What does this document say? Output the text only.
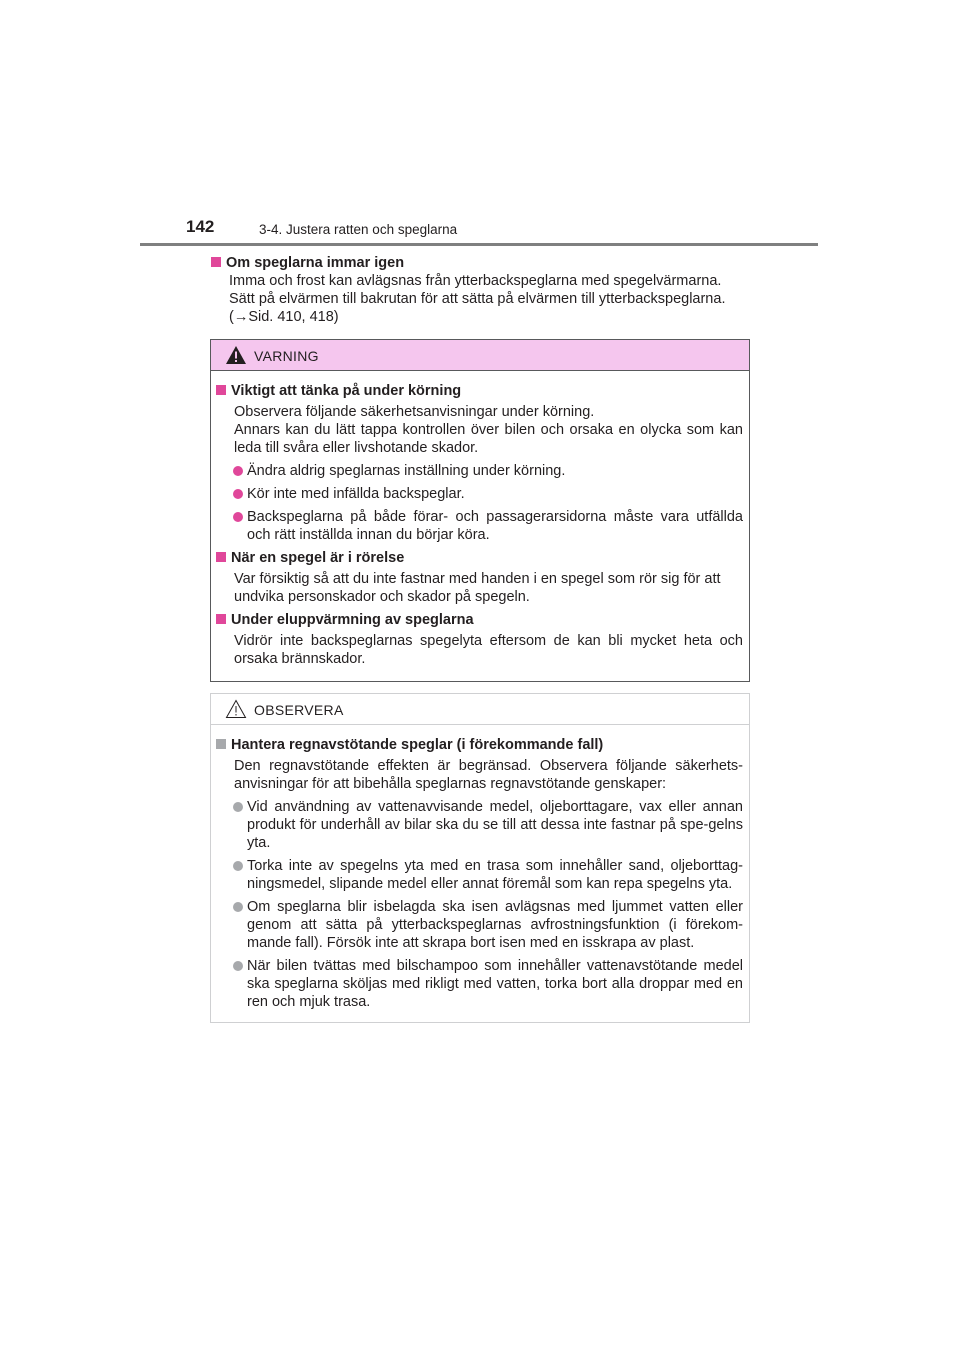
142	3-4. Justera ratten och speglarna
Om speglarna immar igen
Imma och frost kan avlägsnas från ytterbackspeglarna med spegelvärmarna.
Sätt på elvärmen till bakrutan för att sätta på elvärmen till ytterbackspeglarna.
(→Sid. 410, 418)
VARNING
Viktigt att tänka på under körning
Observera följande säkerhetsanvisningar under körning.
Annars kan du lätt tappa kontrollen över bilen och orsaka en olycka som kan leda till svåra eller livshotande skador.
Ändra aldrig speglarnas inställning under körning.
Kör inte med infällda backspeglar.
Backspeglarna på både förar- och passagerarsidorna måste vara utfällda och rätt inställda innan du börjar köra.
När en spegel är i rörelse
Var försiktig så att du inte fastnar med handen i en spegel som rör sig för att undvika personskador och skador på spegeln.
Under eluppvärmning av speglarna
Vidrör inte backspeglarnas spegelyta eftersom de kan bli mycket heta och orsaka brännskador.
OBSERVERA
Hantera regnavstötande speglar (i förekommande fall)
Den regnavstötande effekten är begränsad. Observera följande säkerhets-anvisningar för att bibehålla speglarnas regnavstötande genskaper:
Vid användning av vattenavvisande medel, oljeborttagare, vax eller annan produkt för underhåll av bilar ska du se till att dessa inte fastnar på spe-gelns yta.
Torka inte av spegelns yta med en trasa som innehåller sand, oljeborttag-ningsmedel, slipande medel eller annat föremål som kan repa spegelns yta.
Om speglarna blir isbelagda ska isen avlägsnas med ljummet vatten eller genom att sätta på ytterbackspeglarnas avfrostningsfunktion (i förekom-mande fall). Försök inte att skrapa bort isen med en isskrapa av plast.
När bilen tvättas med bilschampoo som innehåller vattenavstötande medel ska speglarna sköljas med rikligt med vatten, torka bort alla droppar med en ren och mjuk trasa.
